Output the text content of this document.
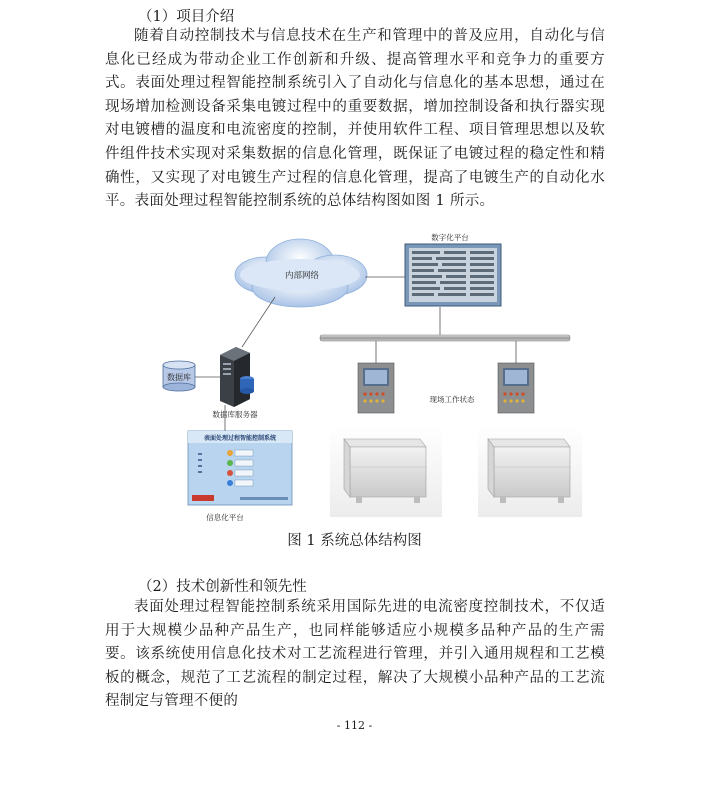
（1）项目介绍
随着自动控制技术与信息技术在生产和管理中的普及应用，自动化与信息化已经成为带动企业工作创新和升级、提高管理水平和竞争力的重要方式。表面处理过程智能控制系统引入了自动化与信息化的基本思想，通过在现场增加检测设备采集电镀过程中的重要数据，增加控制设备和执行器实现对电镀槽的温度和电流密度的控制，并使用软件工程、项目管理思想以及软件组件技术实现对采集数据的信息化管理，既保证了电镀过程的稳定性和精确性，又实现了对电镀生产过程的信息化管理，提高了电镀生产的自动化水平。表面处理过程智能控制系统的总体结构图如图 1 所示。
内部网络
数字化平台
数据库
数据库服务器
表面处理过程智能控制系统
信息化平台
现场工作状态
图 1 系统总体结构图
（2）技术创新性和领先性
表面处理过程智能控制系统采用国际先进的电流密度控制技术，不仅适用于大规模少品种产品生产，也同样能够适应小规模多品种产品的生产需要。该系统使用信息化技术对工艺流程进行管理，并引入通用规程和工艺模板的概念，规范了工艺流程的制定过程，解决了大规模小品种产品的工艺流程制定与管理不便的
- 112 -
